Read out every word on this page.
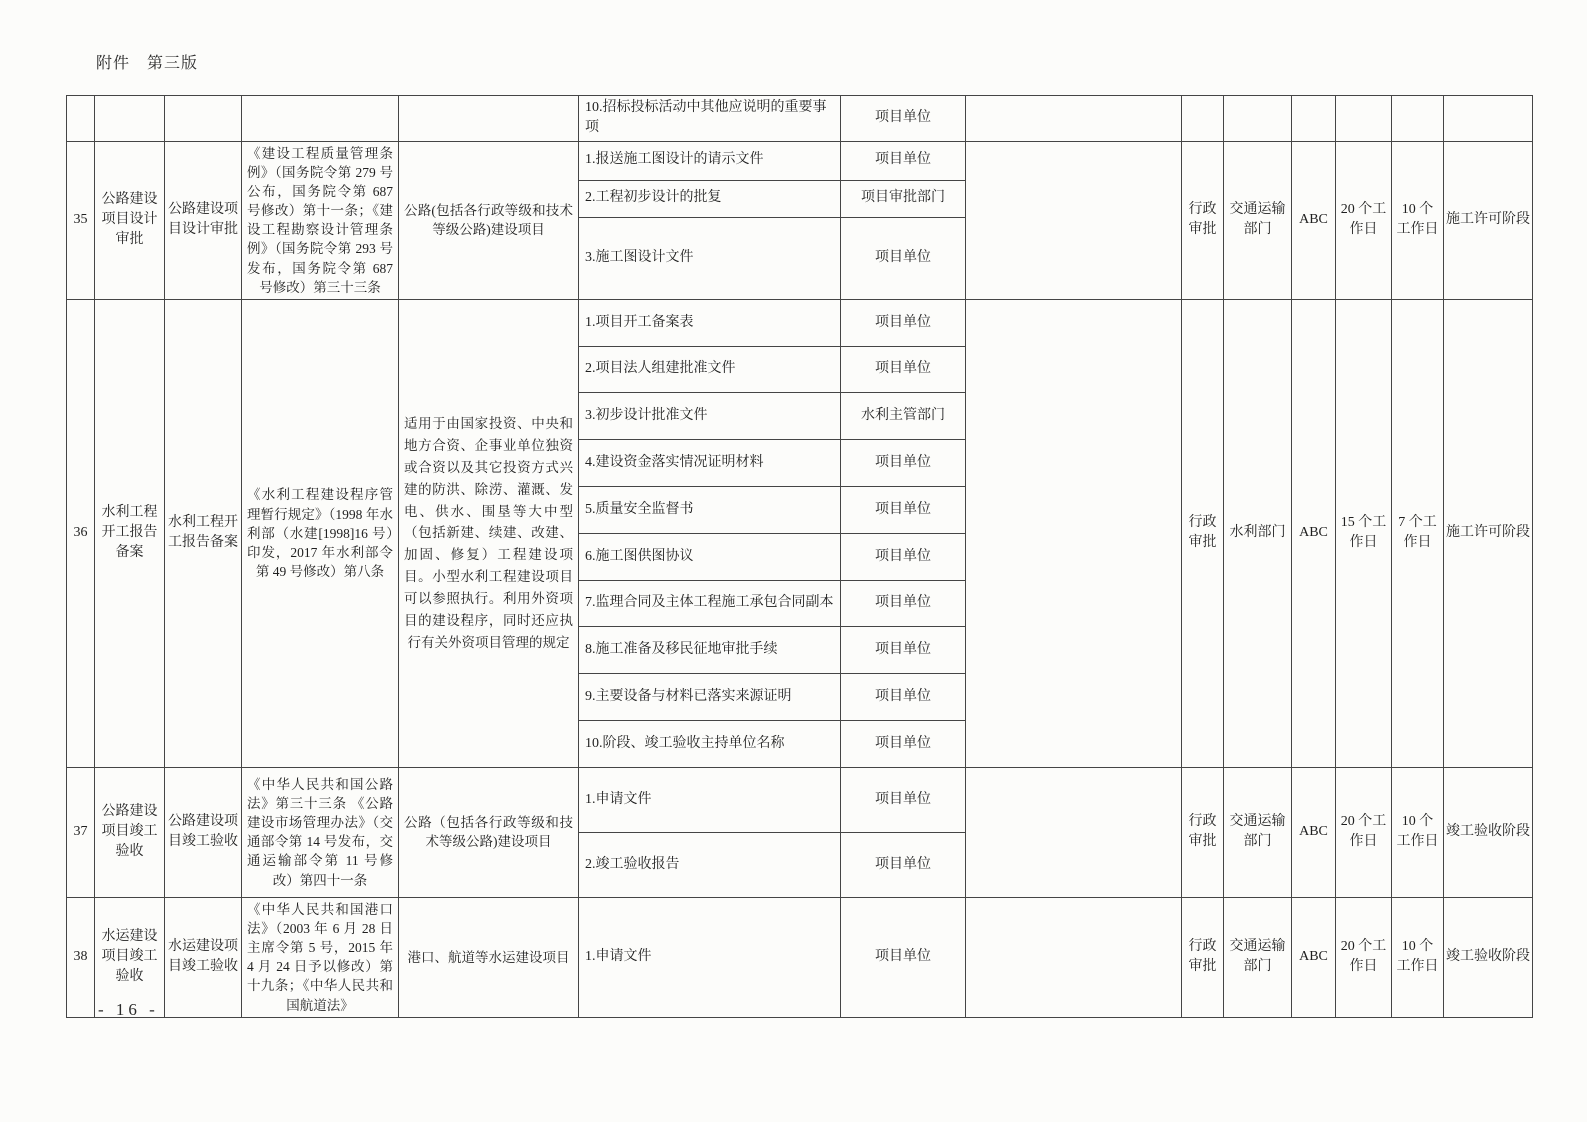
附件　第三版
					10.招标投标活动中其他应说明的重要事项	项目单位							
35	公路建设项目设计审批	公路建设项目设计审批	《建设工程质量管理条例》（国务院令第 279 号公布，国务院令第 687 号修改）第十一条；《建设工程勘察设计管理条例》（国务院令第 293 号发布，国务院令第 687 号修改）第三十三条	公路(包括各行政等级和技术等级公路)建设项目	1.报送施工图设计的请示文件	项目单位		行政审批	交通运输部门	ABC	20 个工作日	10 个工作日	施工许可阶段
					2.工程初步设计的批复	项目审批部门							
					3.施工图设计文件	项目单位							
36	水利工程开工报告备案	水利工程开工报告备案	《水利工程建设程序管理暂行规定》（1998 年水利部（水建[1998]16 号）印发，2017 年水利部令第 49 号修改）第八条	适用于由国家投资、中央和地方合资、企事业单位独资或合资以及其它投资方式兴建的防洪、除涝、灌溉、发电、供水、围垦等大中型（包括新建、续建、改建、加固、修复）工程建设项目。小型水利工程建设项目可以参照执行。利用外资项目的建设程序，同时还应执行有关外资项目管理的规定	1.项目开工备案表	项目单位		行政审批	水利部门	ABC	15 个工作日	7 个工作日	施工许可阶段
					2.项目法人组建批准文件	项目单位							
					3.初步设计批准文件	水利主管部门							
					4.建设资金落实情况证明材料	项目单位							
					5.质量安全监督书	项目单位							
					6.施工图供图协议	项目单位							
					7.监理合同及主体工程施工承包合同副本	项目单位							
					8.施工准备及移民征地审批手续	项目单位							
					9.主要设备与材料已落实来源证明	项目单位							
					10.阶段、竣工验收主持单位名称	项目单位							
37	公路建设项目竣工验收	公路建设项目竣工验收	《中华人民共和国公路法》第三十三条 《公路建设市场管理办法》（交通部令第 14 号发布，交通运输部令第 11 号修改）第四十一条	公路（包括各行政等级和技术等级公路)建设项目	1.申请文件	项目单位		行政审批	交通运输部门	ABC	20 个工作日	10 个工作日	竣工验收阶段
					2.竣工验收报告	项目单位							
38	水运建设项目竣工验收	水运建设项目竣工验收	《中华人民共和国港口法》（2003 年 6 月 28 日主席令第 5 号，2015 年 4 月 24 日予以修改）第十九条；《中华人民共和国航道法》	港口、航道等水运建设项目	1.申请文件	项目单位		行政审批	交通运输部门	ABC	20 个工作日	10 个工作日	竣工验收阶段
- 16 -
